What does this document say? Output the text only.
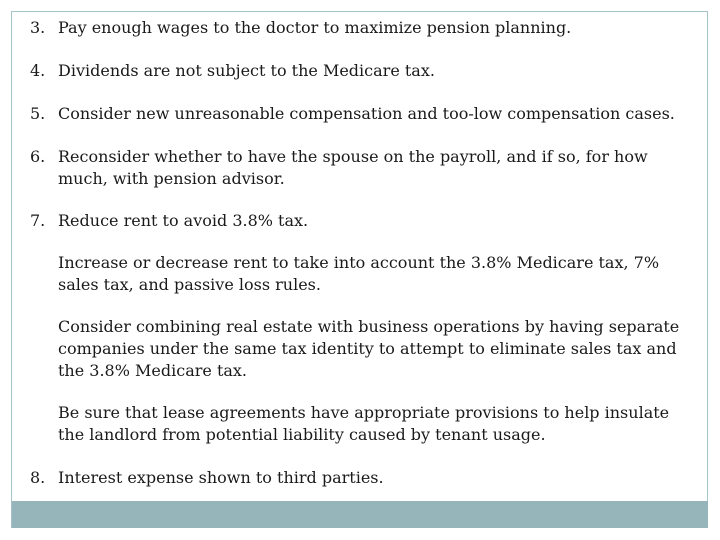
3. Pay enough wages to the doctor to maximize pension planning.
4. Dividends are not subject to the Medicare tax.
5. Consider new unreasonable compensation and too-low compensation cases.
6. Reconsider whether to have the spouse on the payroll, and if so, for how much, with pension advisor.
7. Reduce rent to avoid 3.8% tax.

Increase or decrease rent to take into account the 3.8% Medicare tax, 7% sales tax, and passive loss rules.

Consider combining real estate with business operations by having separate companies under the same tax identity to attempt to eliminate sales tax and the 3.8% Medicare tax.

Be sure that lease agreements have appropriate provisions to help insulate the landlord from potential liability caused by tenant usage.

8. Interest expense shown to third parties.
